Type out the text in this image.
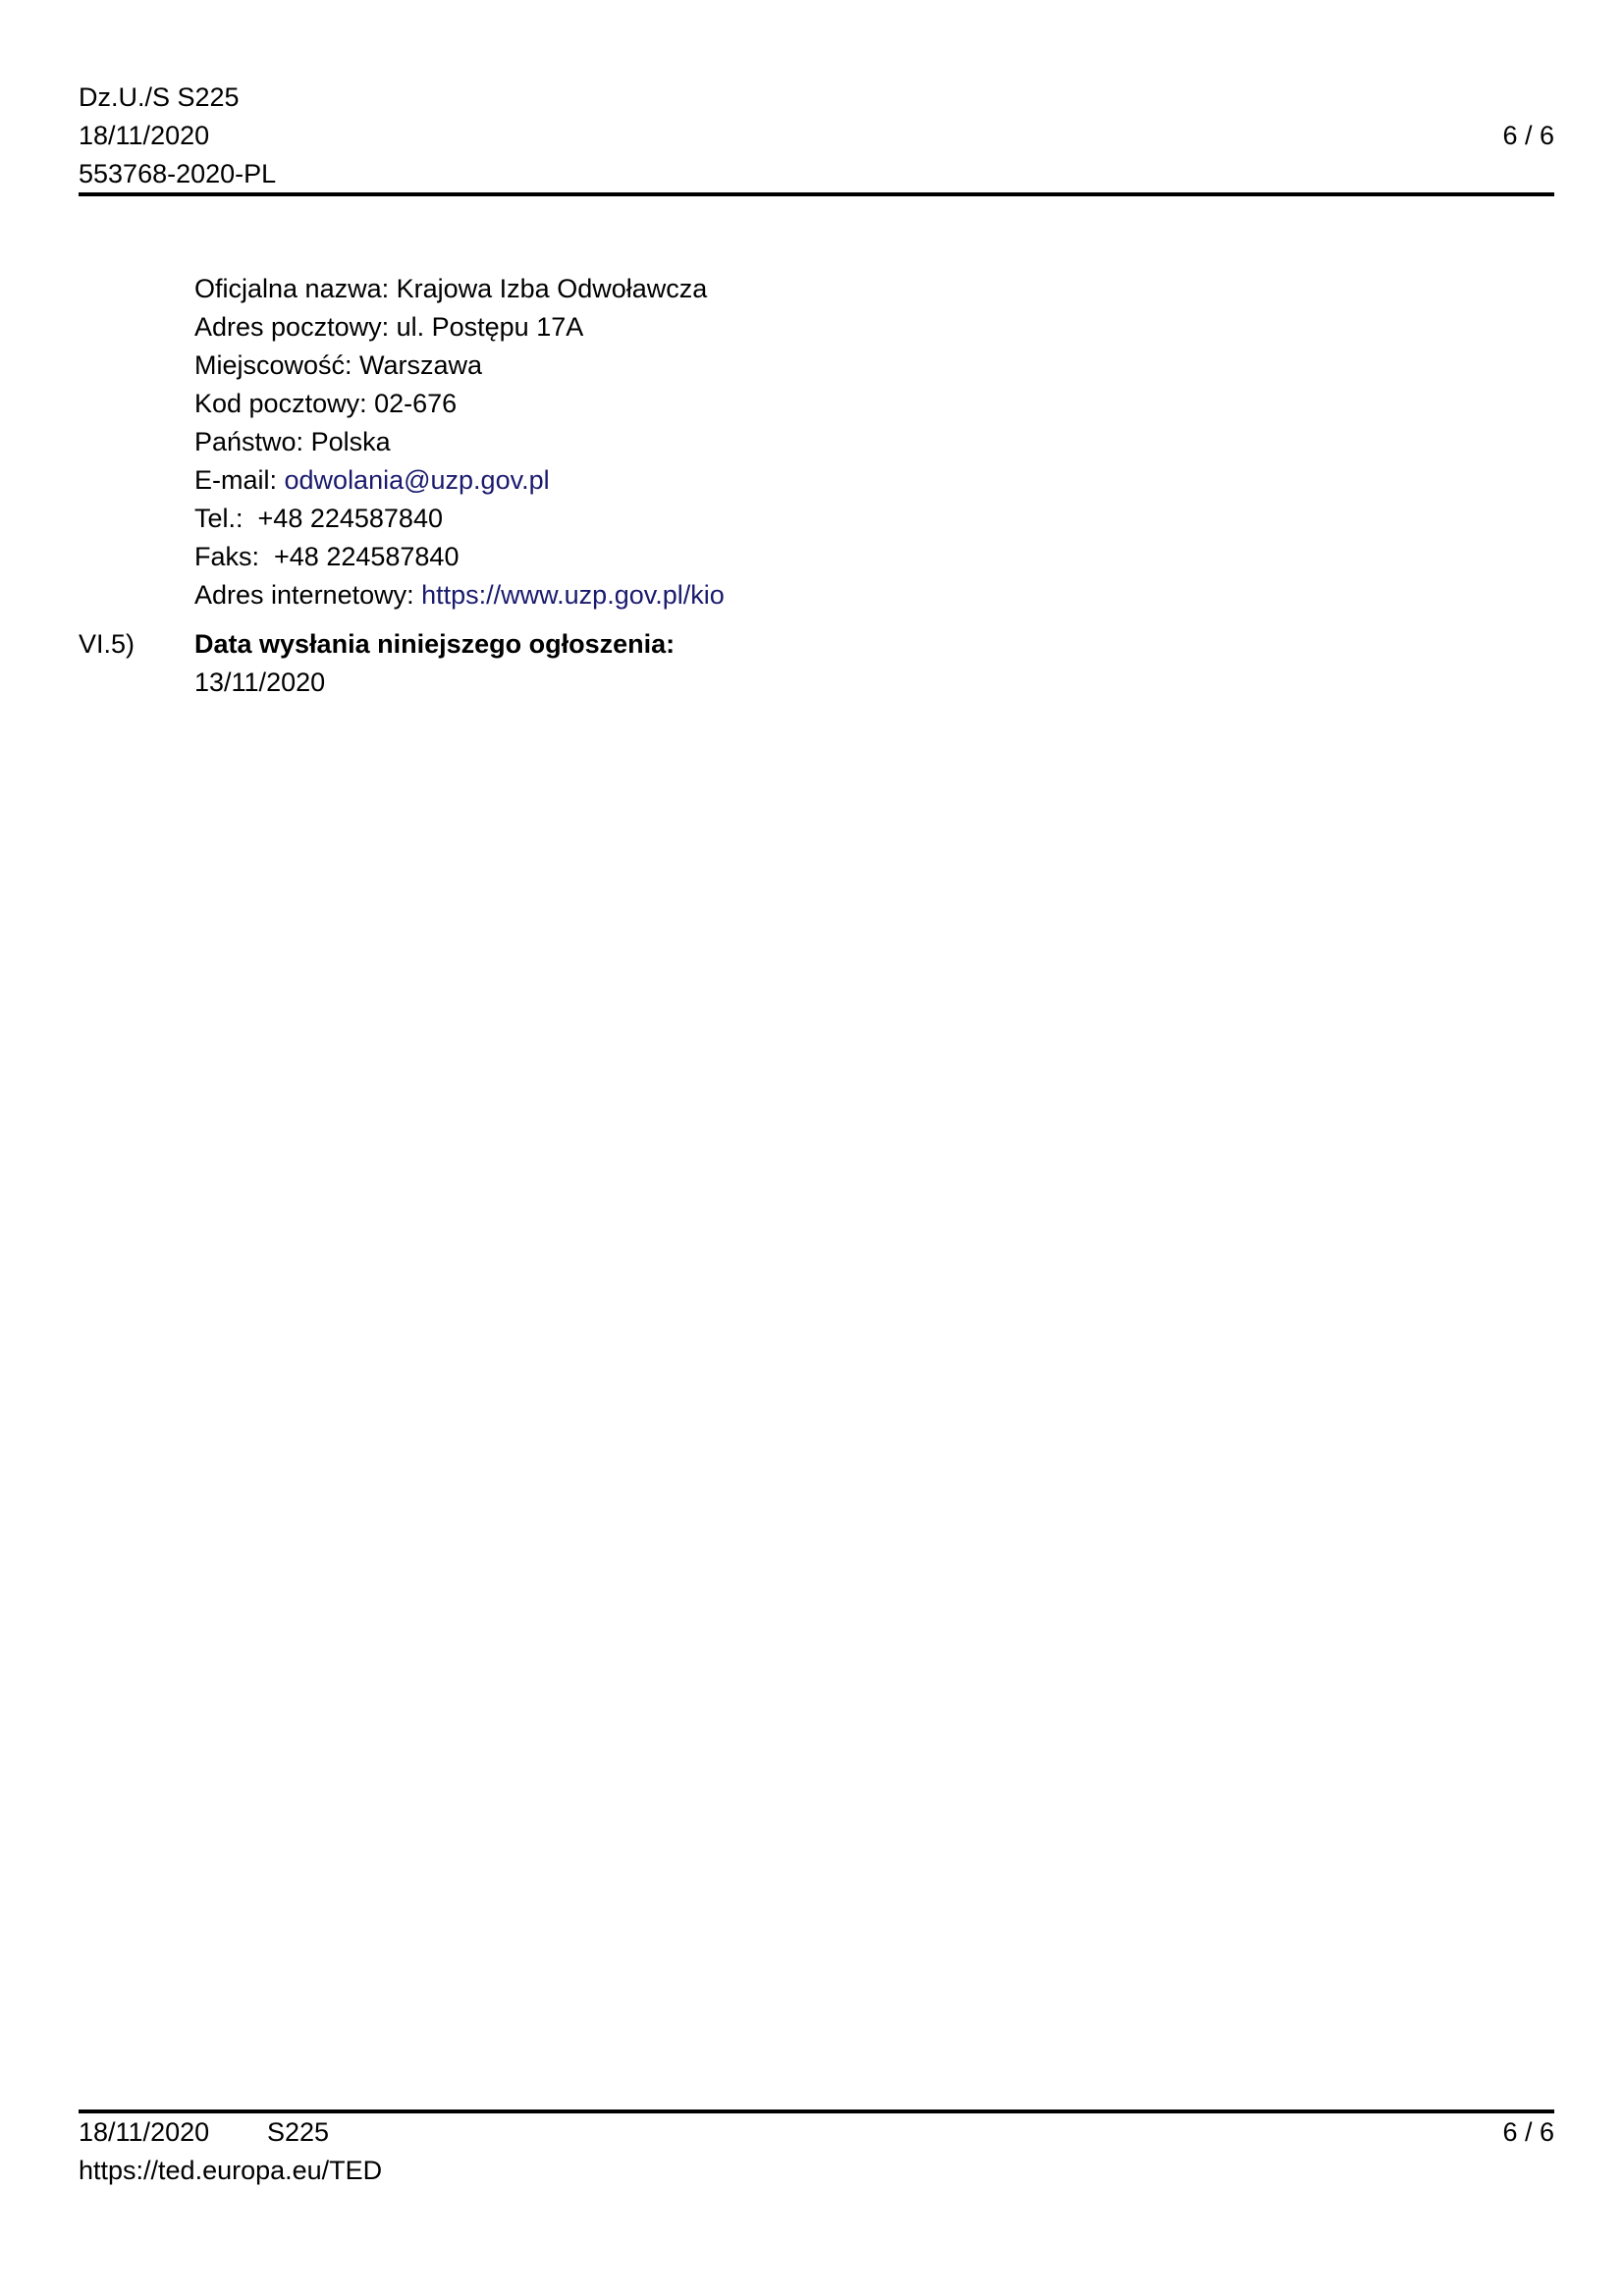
Dz.U./S S225
18/11/2020
553768-2020-PL
6 / 6
Oficjalna nazwa: Krajowa Izba Odwoławcza
Adres pocztowy: ul. Postępu 17A
Miejscowość: Warszawa
Kod pocztowy: 02-676
Państwo: Polska
E-mail: odwolania@uzp.gov.pl
Tel.:  +48 224587840
Faks:  +48 224587840
Adres internetowy: https://www.uzp.gov.pl/kio
VI.5)	Data wysłania niniejszego ogłoszenia:
13/11/2020
18/11/2020 S225
https://ted.europa.eu/TED
6 / 6
